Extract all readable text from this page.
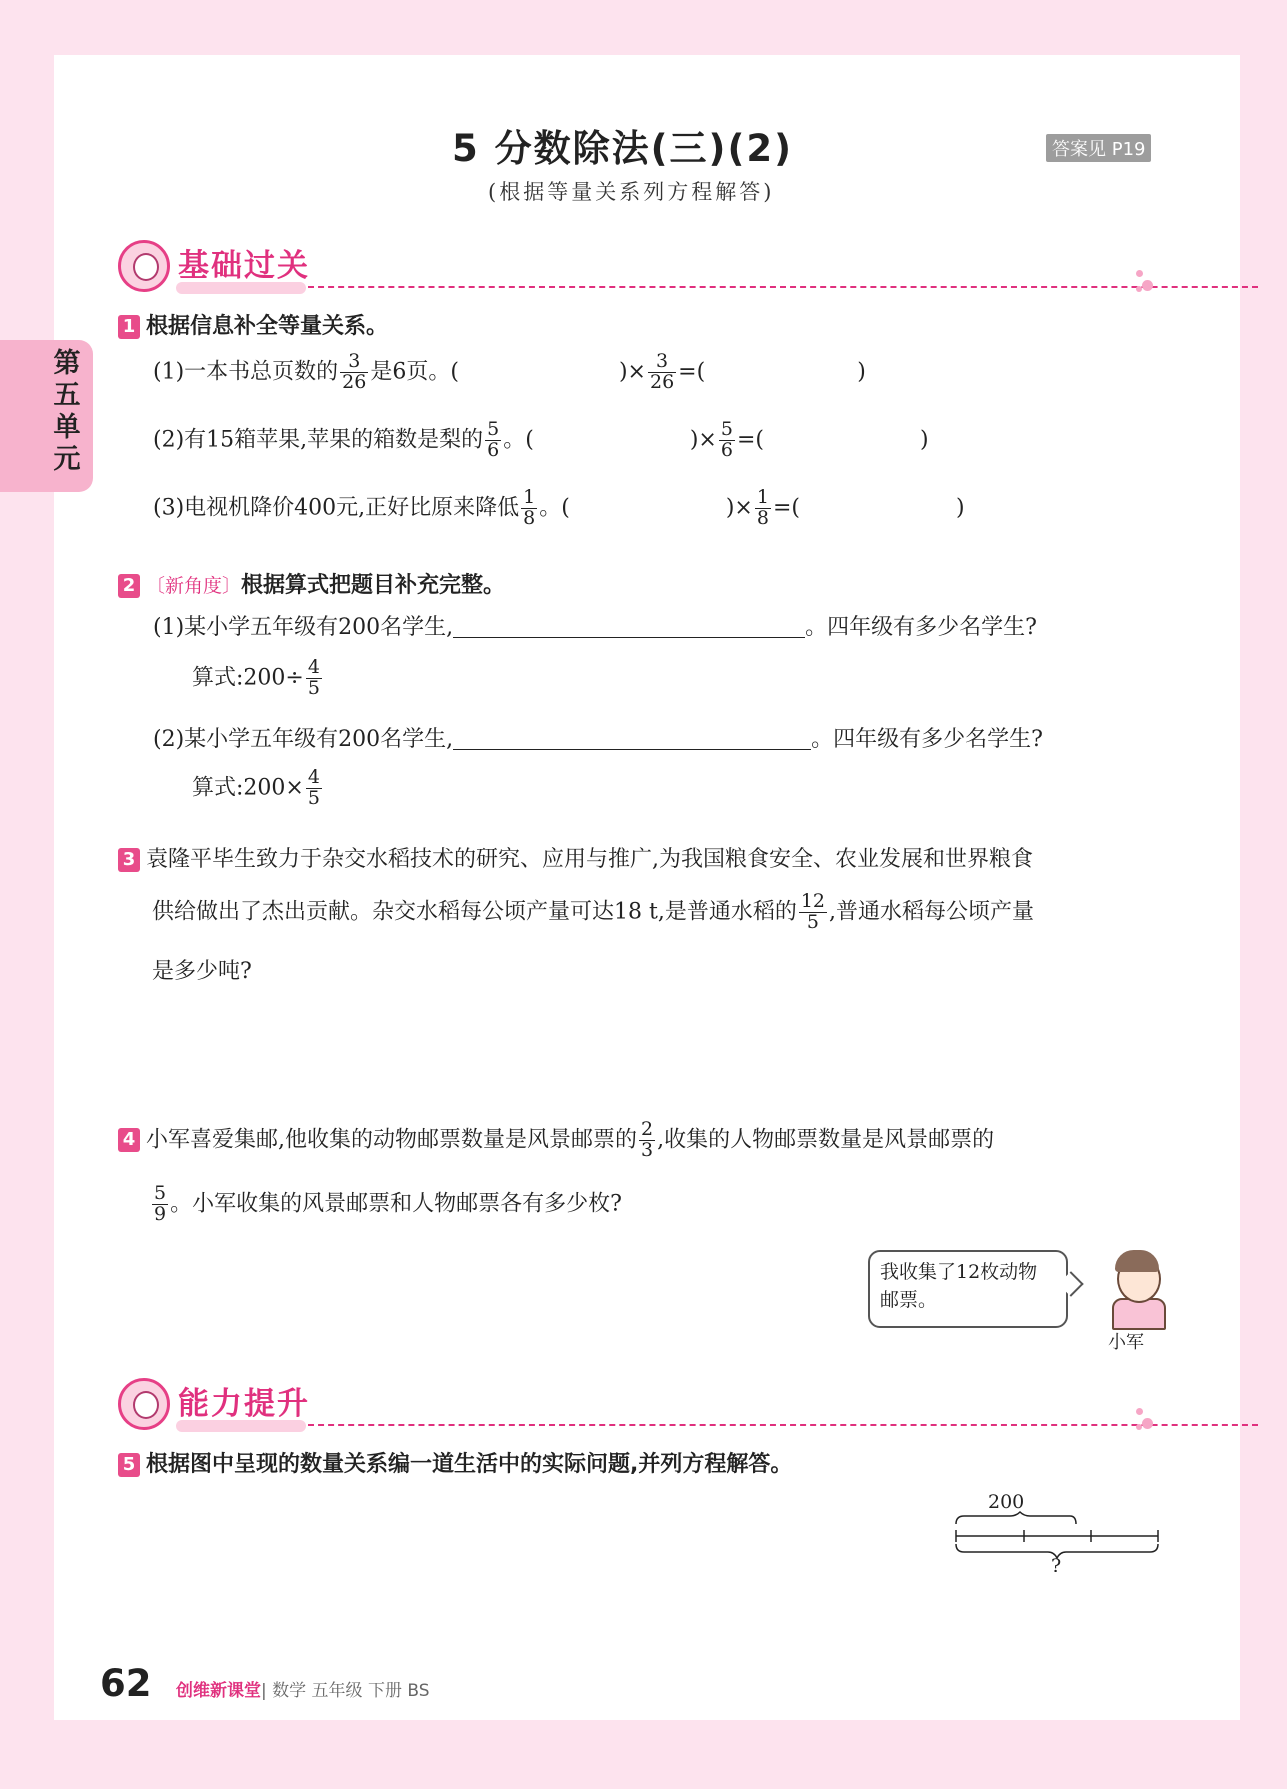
第五单元
5 分数除法(三)(2)
(根据等量关系列方程解答)
答案见 P19
基础过关
1 根据信息补全等量关系。
(1)一本书总页数的 $\frac{3}{26}$ 是6页。(	)× $\frac{3}{26}$ =(	)
(2)有15箱苹果,苹果的箱数是梨的 $\frac{5}{6}$ 。(	)× $\frac{5}{6}$ =(	)
(3)电视机降价400元,正好比原来降低 $\frac{1}{8}$ 。(	)× $\frac{1}{8}$ =(	)
2 〔新角度〕根据算式把题目补充完整。
(1)某小学五年级有200名学生,	。四年级有多少名学生?
算式:200÷ $\frac{4}{5}$
(2)某小学五年级有200名学生,	。四年级有多少名学生?
算式:200× $\frac{4}{5}$
3 袁隆平毕生致力于杂交水稻技术的研究、应用与推广,为我国粮食安全、农业发展和世界粮食
供给做出了杰出贡献。杂交水稻每公顷产量可达18 t,是普通水稻的 $\frac{12}{5}$ ,普通水稻每公顷产量
是多少吨?
4 小军喜爱集邮,他收集的动物邮票数量是风景邮票的 $\frac{2}{3}$ ,收集的人物邮票数量是风景邮票的
$\frac{5}{9}$ 。小军收集的风景邮票和人物邮票各有多少枚?
我收集了12枚动物
邮票。
小军
能力提升
5 根据图中呈现的数量关系编一道生活中的实际问题,并列方程解答。
200
?
62 创维新课堂| 数学 五年级 下册 BS
